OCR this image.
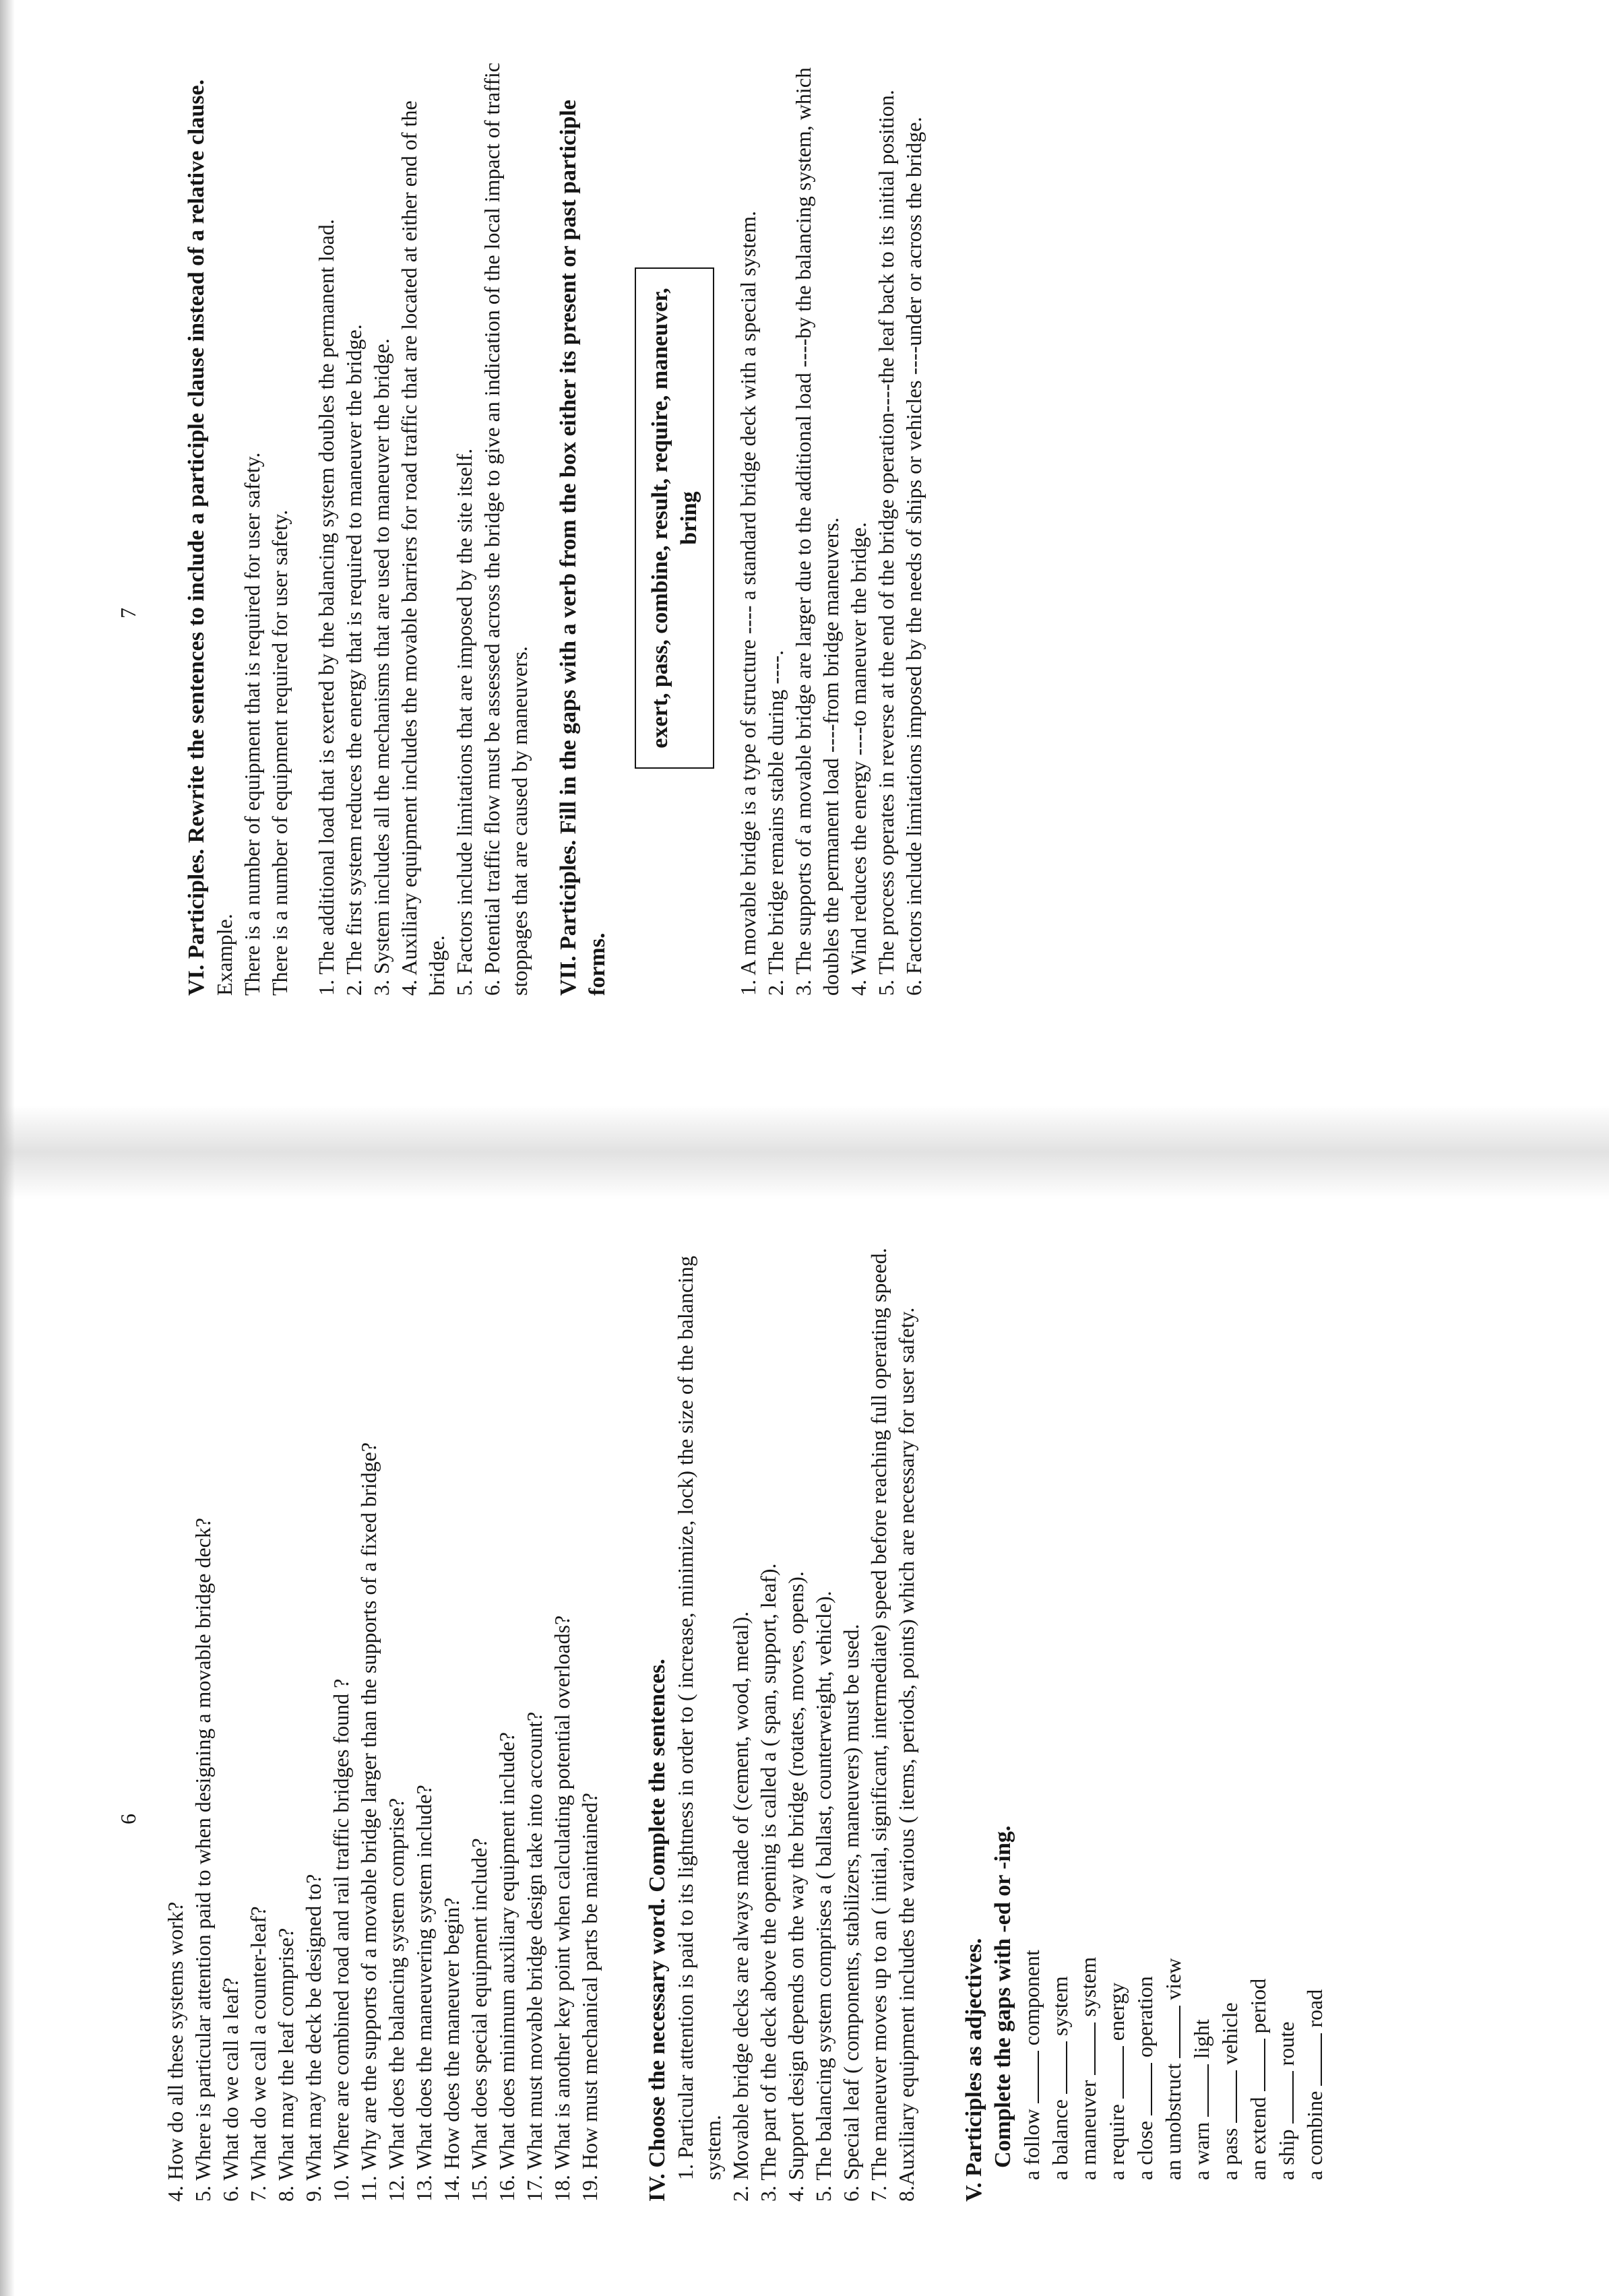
6
4. How do all these systems work? 5. Where is particular attention paid to when designing a movable bridge deck? 6. What do we call a leaf? 7. What do we call a counter-leaf? 8. What may the leaf comprise? 9. What may the deck be designed to? 10. Where are combined road and rail traffic bridges found ? 11. Why are the supports of a movable bridge larger than the supports of a fixed bridge? 12. What does the balancing system comprise? 13. What does the maneuvering system include? 14. How does the maneuver begin? 15. What does special equipment include? 16. What does minimum auxiliary equipment include? 17. What must movable bridge design take into account? 18. What is another key point when calculating potential overloads? 19. How must mechanical parts be maintained? IV. Choose the necessary word. Complete the sentences. 1. Particular attention is paid to its lightness in order to ( increase, minimize, lock) the size of the balancing system. 2. Movable bridge decks are always made of (cement, wood, metal). 3. The part of the deck above the opening is called a ( span, support, leaf). 4. Support design depends on the way the bridge (rotates, moves, opens). 5. The balancing system comprises a ( ballast, counterweight, vehicle). 6. Special leaf ( components, stabilizers, maneuvers) must be used. 7. The maneuver moves up to an ( initial, significant, intermediate) speed before reaching full operating speed. 8.Auxiliary equipment includes the various ( items, periods, points) which are necessary for user safety. V. Participles as adjectives. Complete the gaps with -ed or -ing. a follow  component
a balance  system
a maneuver  system
a require  energy
a close  operation
an unobstruct  view
a warn  light
a pass  vehicle
an extend  period
a ship  route
a combine  road
7 VI. Participles. Rewrite the sentences to include a participle clause instead of a relative clause. Example. There is a number of equipment that is required for user safety. There is a number of equipment required for user safety. 1. The additional load that is exerted by the balancing system doubles the permanent load. 2. The first system reduces the energy that is required to maneuver the bridge. 3. System includes all the mechanisms that are used to maneuver the bridge. 4. Auxiliary equipment includes the movable barriers for road traffic that are located at either end of the bridge. 5. Factors include limitations that are imposed by the site itself. 6. Potential traffic flow must be assessed across the bridge to give an indication of the local impact of traffic stoppages that are caused by maneuvers. VII. Participles. Fill in the gaps with a verb from the box either its present or past participle forms.
exert, pass, combine, result, require, maneuver, bring	1. A movable bridge is a type of structure ---- a standard bridge deck with a special system. 2. The bridge remains stable during ----. 3. The supports of a movable bridge are larger due to the additional load ----by the balancing system, which doubles the permanent load ----from bridge maneuvers. 4. Wind reduces the energy ----to maneuver the bridge. 5. The process operates in reverse at the end of the bridge operation----the leaf back to its initial position. 6. Factors include limitations imposed by the needs of ships or vehicles ----under or across the bridge.
